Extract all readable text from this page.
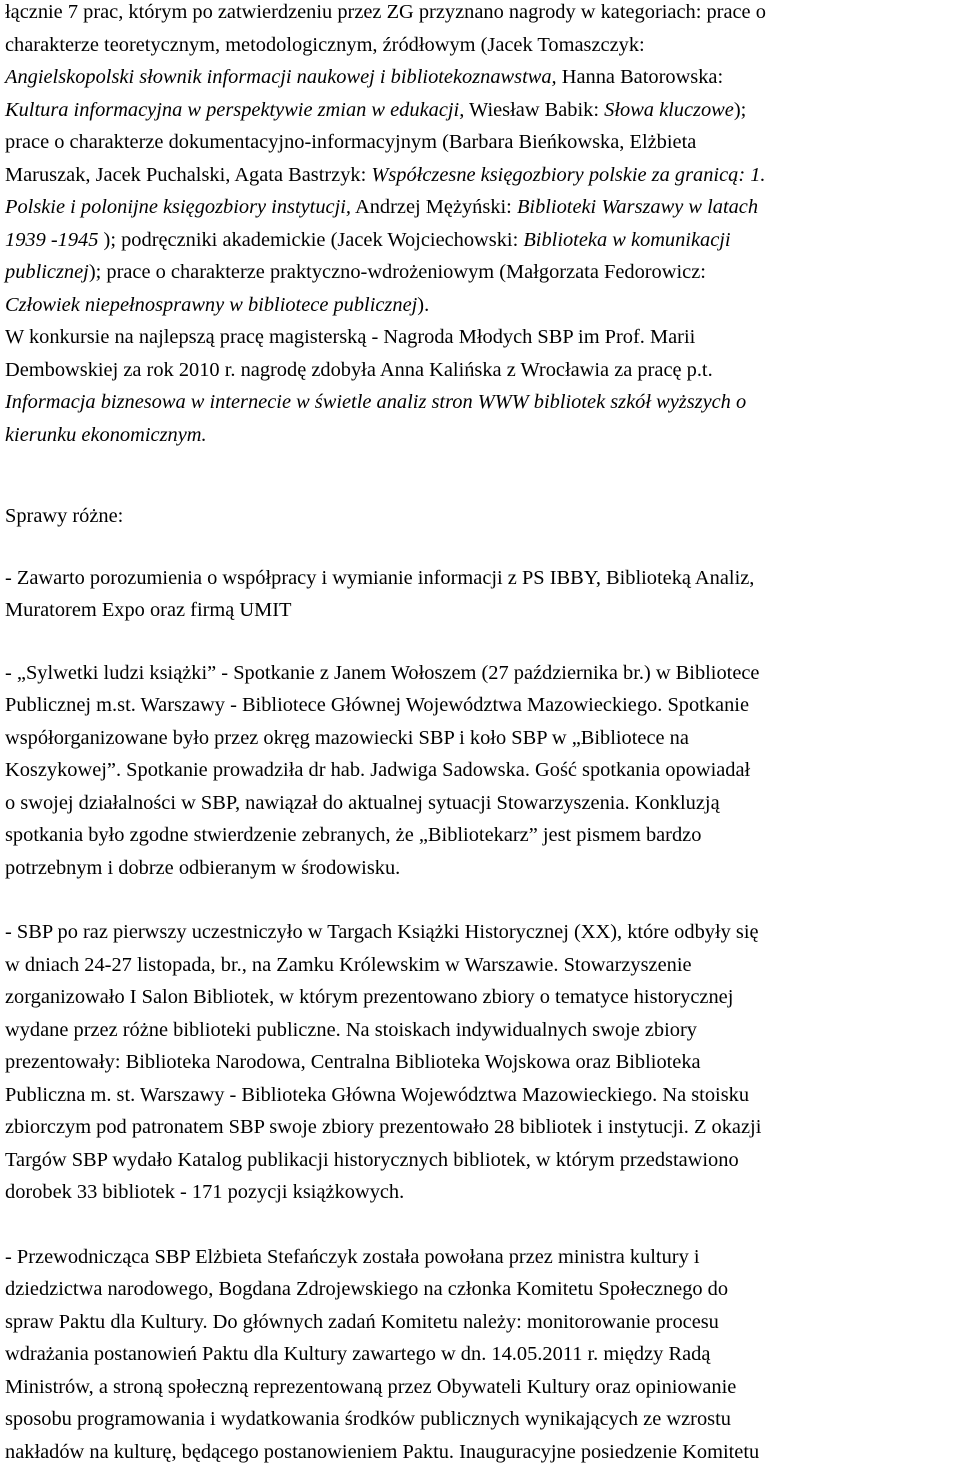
łącznie 7 prac, którym po zatwierdzeniu przez ZG przyznano nagrody w kategoriach: prace o
charakterze teoretycznym, metodologicznym, źródłowym (Jacek Tomaszczyk:
Angielskopolski słownik informacji naukowej i bibliotekoznawstwa, Hanna Batorowska:
Kultura informacyjna w perspektywie zmian w edukacji, Wiesław Babik: Słowa kluczowe);
prace o charakterze dokumentacyjno-informacyjnym (Barbara Bieńkowska, Elżbieta
Maruszak, Jacek Puchalski, Agata Bastrzyk: Współczesne księgozbiory polskie za granicą: 1.
Polskie i polonijne księgozbiory instytucji, Andrzej Mężyński: Biblioteki Warszawy w latach
1939 -1945 ); podręczniki akademickie (Jacek Wojciechowski: Biblioteka w komunikacji
publicznej); prace o charakterze praktyczno-wdrożeniowym (Małgorzata Fedorowicz:
Człowiek niepełnosprawny w bibliotece publicznej).
W konkursie na najlepszą pracę magisterską - Nagroda Młodych SBP im Prof. Marii
Dembowskiej za rok 2010 r. nagrodę zdobyła Anna Kalińska z Wrocławia za pracę p.t.
Informacja biznesowa w internecie w świetle analiz stron WWW bibliotek szkół wyższych o
kierunku ekonomicznym.
Sprawy różne:
- Zawarto porozumienia o współpracy i wymianie informacji z PS IBBY, Biblioteką Analiz,
Muratorem Expo oraz firmą UMIT
- „Sylwetki ludzi książki” - Spotkanie z Janem Wołoszem (27 października br.) w Bibliotece
Publicznej m.st. Warszawy - Bibliotece Głównej Województwa Mazowieckiego. Spotkanie
współorganizowane było przez okręg mazowiecki SBP i koło SBP w „Bibliotece na
Koszykowej”. Spotkanie prowadziła dr hab. Jadwiga Sadowska. Gość spotkania opowiadał
o swojej działalności w SBP, nawiązał do aktualnej sytuacji Stowarzyszenia. Konkluzją
spotkania było zgodne stwierdzenie zebranych, że „Bibliotekarz” jest pismem bardzo
potrzebnym i dobrze odbieranym w środowisku.
- SBP po raz pierwszy uczestniczyło w Targach Książki Historycznej (XX), które odbyły się
w dniach 24-27 listopada, br., na Zamku Królewskim w Warszawie. Stowarzyszenie
zorganizowało I Salon Bibliotek, w którym prezentowano zbiory o tematyce historycznej
wydane przez różne biblioteki publiczne. Na stoiskach indywidualnych swoje zbiory
prezentowały: Biblioteka Narodowa, Centralna Biblioteka Wojskowa oraz Biblioteka
Publiczna m. st. Warszawy - Biblioteka Główna Województwa Mazowieckiego. Na stoisku
zbiorczym pod patronatem SBP swoje zbiory prezentowało 28 bibliotek i instytucji. Z okazji
Targów SBP wydało Katalog publikacji historycznych bibliotek, w którym przedstawiono
dorobek 33 bibliotek - 171 pozycji książkowych.
- Przewodnicząca SBP Elżbieta Stefańczyk została powołana przez ministra kultury i
dziedzictwa narodowego, Bogdana Zdrojewskiego na członka Komitetu Społecznego do
spraw Paktu dla Kultury. Do głównych zadań Komitetu należy: monitorowanie procesu
wdrażania postanowień Paktu dla Kultury zawartego w dn. 14.05.2011 r. między Radą
Ministrów, a stroną społeczną reprezentowaną przez Obywateli Kultury oraz opiniowanie
sposobu programowania i wydatkowania środków publicznych wynikających ze wzrostu
nakładów na kulturę, będącego postanowieniem Paktu. Inauguracyjne posiedzenie Komitetu
